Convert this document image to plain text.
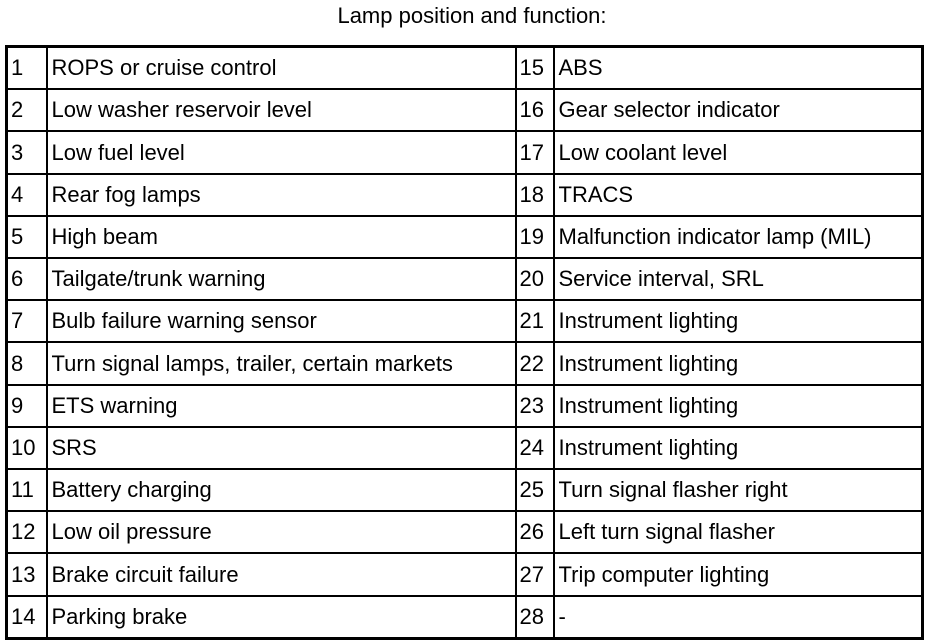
Lamp position and function:
1	ROPS or cruise control	15	ABS
2	Low washer reservoir level	16	Gear selector indicator
3	Low fuel level	17	Low coolant level
4	Rear fog lamps	18	TRACS
5	High beam	19	Malfunction indicator lamp (MIL)
6	Tailgate/trunk warning	20	Service interval, SRL
7	Bulb failure warning sensor	21	Instrument lighting
8	Turn signal lamps, trailer, certain markets	22	Instrument lighting
9	ETS warning	23	Instrument lighting
10	SRS	24	Instrument lighting
11	Battery charging	25	Turn signal flasher right
12	Low oil pressure	26	Left turn signal flasher
13	Brake circuit failure	27	Trip computer lighting
14	Parking brake	28	-
